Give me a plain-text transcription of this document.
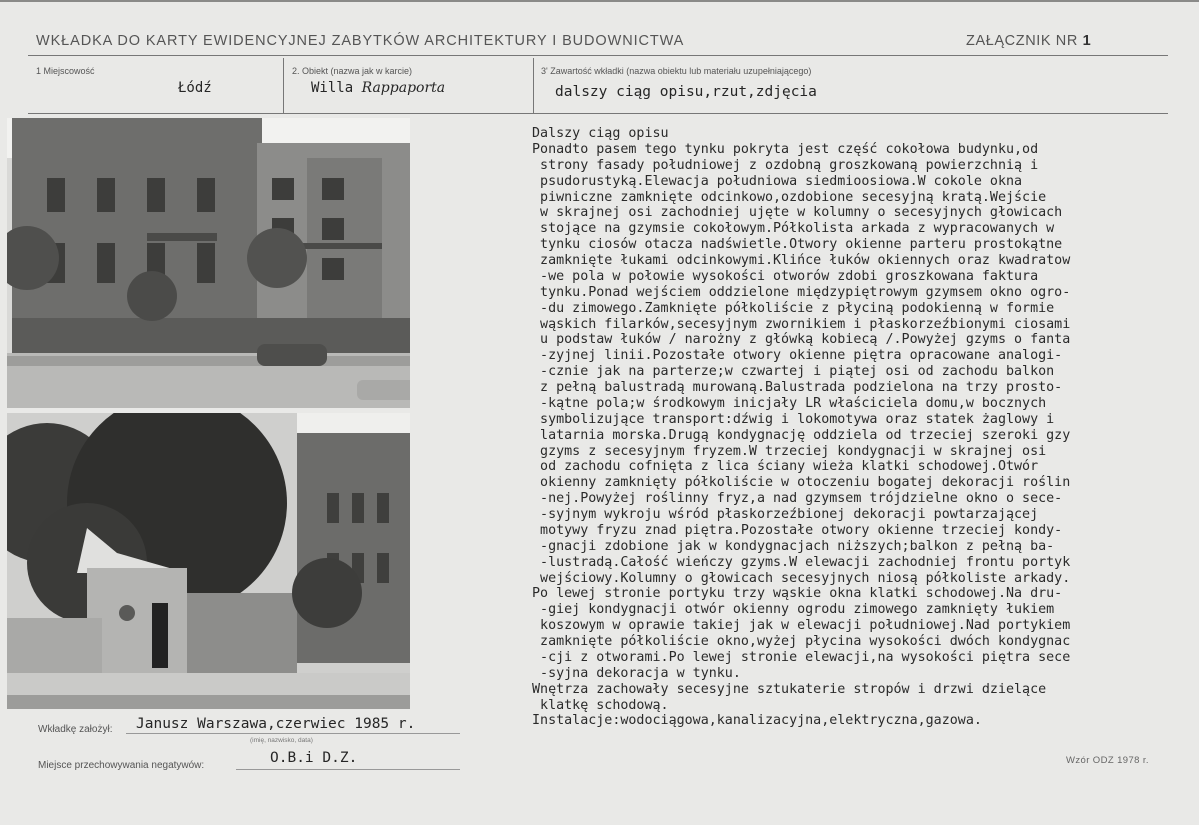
WKŁADKA DO KARTY EWIDENCYJNEJ ZABYTKÓW ARCHITEKTURY I BUDOWNICTWA	ZAŁĄCZNIK NR 1
1 Miejscowość
Łódź
2. Obiekt (nazwa jak w karcie)
Willa Rappaporta
3' Zawartość wkładki (nazwa obiektu lub materiału uzupełniającego)
dalszy ciąg opisu,rzut,zdjęcia
Dalszy ciąg opisu
Ponadto pasem tego tynku pokryta jest część cokołowa budynku,od
strony fasady południowej z ozdobną groszkowaną powierzchnią i
psudorustyką.Elewacja południowa siedmioosiowa.W cokole okna
piwniczne zamknięte odcinkowo,ozdobione secesyjną kratą.Wejście
w skrajnej osi zachodniej ujęte w kolumny o secesyjnych głowicach
stojące na gzymsie cokołowym.Półkolista arkada z wypracowanych w
tynku ciosów otacza nadświetle.Otwory okienne parteru prostokątne
zamknięte łukami odcinkowymi.Klińce łuków okiennych oraz kwadratow
-we pola w połowie wysokości otworów zdobi groszkowana faktura
tynku.Ponad wejściem oddzielone międzypiętrowym gzymsem okno ogro-
-du zimowego.Zamknięte półkoliście z płyciną podokienną w formie
wąskich filarków,secesyjnym zwornikiem i płaskorzeźbionymi ciosami
u podstaw łuków / narożny z główką kobiecą /.Powyżej gzyms o fanta
-zyjnej linii.Pozostałe otwory okienne piętra opracowane analogi-
-cznie jak na parterze;w czwartej i piątej osi od zachodu balkon
z pełną balustradą murowaną.Balustrada podzielona na trzy prosto-
-kątne pola;w środkowym inicjały LR właściciela domu,w bocznych
symbolizujące transport:dźwig i lokomotywa oraz statek żaglowy i
latarnia morska.Drugą kondygnację oddziela od trzeciej szeroki gzy
gzyms z secesyjnym fryzem.W trzeciej kondygnacji w skrajnej osi
od zachodu cofnięta z lica ściany wieża klatki schodowej.Otwór
okienny zamknięty półkoliście w otoczeniu bogatej dekoracji roślin
-nej.Powyżej roślinny fryz,a nad gzymsem trójdzielne okno o sece-
-syjnym wykroju wśród płaskorzeźbionej dekoracji powtarzającej
motywy fryzu znad piętra.Pozostałe otwory okienne trzeciej kondy-
-gnacji zdobione jak w kondygnacjach niższych;balkon z pełną ba-
-lustradą.Całość wieńczy gzyms.W elewacji zachodniej frontu portyk
wejściowy.Kolumny o głowicach secesyjnych niosą półkoliste arkady.
Po lewej stronie portyku trzy wąskie okna klatki schodowej.Na dru-
-giej kondygnacji otwór okienny ogrodu zimowego zamknięty łukiem
koszowym w oprawie takiej jak w elewacji południowej.Nad portykiem
zamknięte półkoliście okno,wyżej płycina wysokości dwóch kondygnac
-cji z otworami.Po lewej stronie elewacji,na wysokości piętra sece
-syjna dekoracja w tynku.
Wnętrza zachowały secesyjne sztukaterie stropów i drzwi dzielące
klatkę schodową.
Instalacje:wodociągowa,kanalizacyjna,elektryczna,gazowa.
Wkładkę założył: Janusz Warszawa,czerwiec 1985 r.
(imię, nazwisko, data)
Miejsce przechowywania negatywów:	O.B.i D.Z.	Wzór ODZ 1978 r.
